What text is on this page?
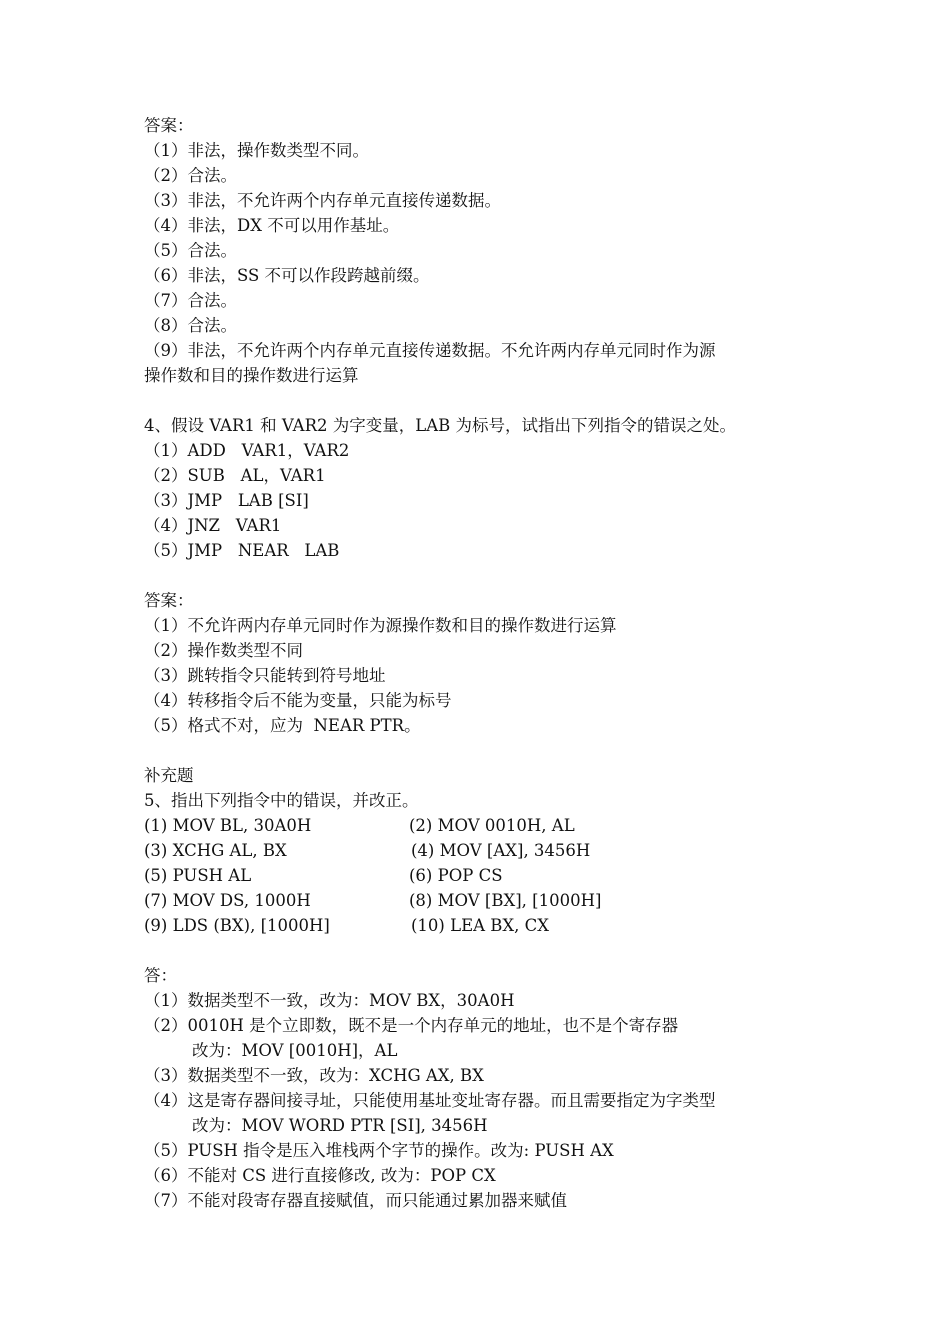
答案：
（1）非法，操作数类型不同。
（2）合法。
（3）非法，不允许两个内存单元直接传递数据。
（4）非法，DX 不可以用作基址。
（5）合法。
（6）非法，SS 不可以作段跨越前缀。
（7）合法。
（8）合法。
（9）非法，不允许两个内存单元直接传递数据。不允许两内存单元同时作为源
操作数和目的操作数进行运算
4、假设 VAR1 和 VAR2 为字变量，LAB 为标号，试指出下列指令的错误之处。
（1）ADD   VAR1，VAR2
（2）SUB   AL，VAR1
（3）JMP   LAB [SI]
（4）JNZ   VAR1
（5）JMP   NEAR   LAB
答案：
（1）不允许两内存单元同时作为源操作数和目的操作数进行运算
（2）操作数类型不同
（3）跳转指令只能转到符号地址
（4）转移指令后不能为变量，只能为标号
（5）格式不对，应为  NEAR PTR。
补充题
5、指出下列指令中的错误，并改正。
(1) MOV BL, 30A0H	(2) MOV 0010H, AL
(3) XCHG AL, BX	(4) MOV [AX], 3456H
(5) PUSH AL	(6) POP CS
(7) MOV DS, 1000H	(8) MOV [BX], [1000H]
(9) LDS (BX), [1000H]	(10) LEA BX, CX
答：
（1）数据类型不一致，改为：MOV BX，30A0H
（2）0010H 是个立即数，既不是一个内存单元的地址，也不是个寄存器
改为：MOV [0010H]，AL
（3）数据类型不一致，改为：XCHG AX, BX
（4）这是寄存器间接寻址，只能使用基址变址寄存器。而且需要指定为字类型
改为：MOV WORD PTR [SI], 3456H
（5）PUSH 指令是压入堆栈两个字节的操作。改为: PUSH AX
（6）不能对 CS 进行直接修改, 改为：POP CX
（7）不能对段寄存器直接赋值，而只能通过累加器来赋值
